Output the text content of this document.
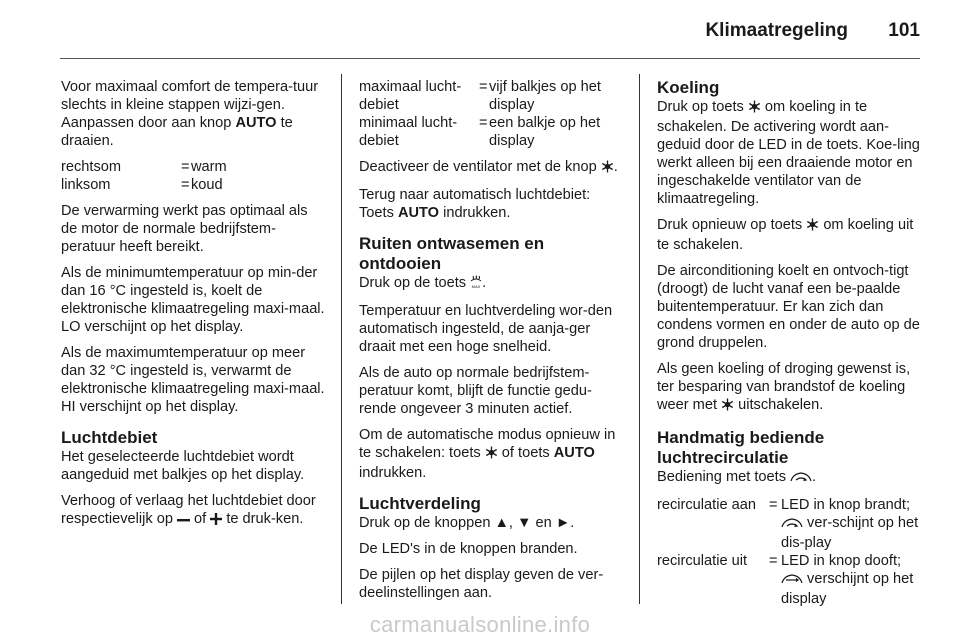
Klimaatregeling 101

Voor maximaal comfort de tempera-tuur slechts in kleine stappen wijzi-gen. Aanpassen door aan knop AUTO te draaien.

rechtsom	= warm
linksom	= koud

De verwarming werkt pas optimaal als de motor de normale bedrijfstem-peratuur heeft bereikt.

Als de minimumtemperatuur op min-der dan 16 °C ingesteld is, koelt de elektronische klimaatregeling maxi-maal. LO verschijnt op het display.

Als de maximumtemperatuur op meer dan 32 °C ingesteld is, verwarmt de elektronische klimaatregeling maxi-maal. HI verschijnt op het display.

Luchtdebiet

Het geselecteerde luchtdebiet wordt aangeduid met balkjes op het display.

Verhoog of verlaag het luchtdebiet door respectievelijk op  of  te druk-ken.

maximaal lucht-debiet
= vijf balkjes op het display
minimaal lucht-debiet
= een balkje op het display

Deactiveer de ventilator met de knop .

Terug naar automatisch luchtdebiet: Toets AUTO indrukken.

Ruiten ontwasemen en ontdooien

Druk op de toets MAX .

Temperatuur en luchtverdeling wor-den automatisch ingesteld, de aanja-ger draait met een hoge snelheid.

Als de auto op normale bedrijfstem-peratuur komt, blijft de functie gedu-rende ongeveer 3 minuten actief.

Om de automatische modus opnieuw in te schakelen: toets  of toets AUTO indrukken.

Luchtverdeling

Druk op de knoppen ▲, ▼ en ►.

De LED's in de knoppen branden.

De pijlen op het display geven de ver-deelinstellingen aan.

Koeling

Druk op toets  om koeling in te schakelen. De activering wordt aan-geduid door de LED in de toets. Koe-ling werkt alleen bij een draaiende motor en ingeschakelde ventilator van de klimaatregeling.

Druk opnieuw op toets  om koeling uit te schakelen.

De airconditioning koelt en ontvoch-tigt (droogt) de lucht vanaf een be-paalde buitentemperatuur. Er kan zich dan condens vormen en onder de auto op de grond druppelen.

Als geen koeling of droging gewenst is, ter besparing van brandstof de koeling weer met  uitschakelen.

Handmatig bediende luchtrecirculatie

Bediening met toets .

recirculatie aan = LED in knop brandt;  ver-schijnt op het dis-play
recirculatie uit	= LED in knop dooft;  verschijnt op het display
carmanualsonline.info
